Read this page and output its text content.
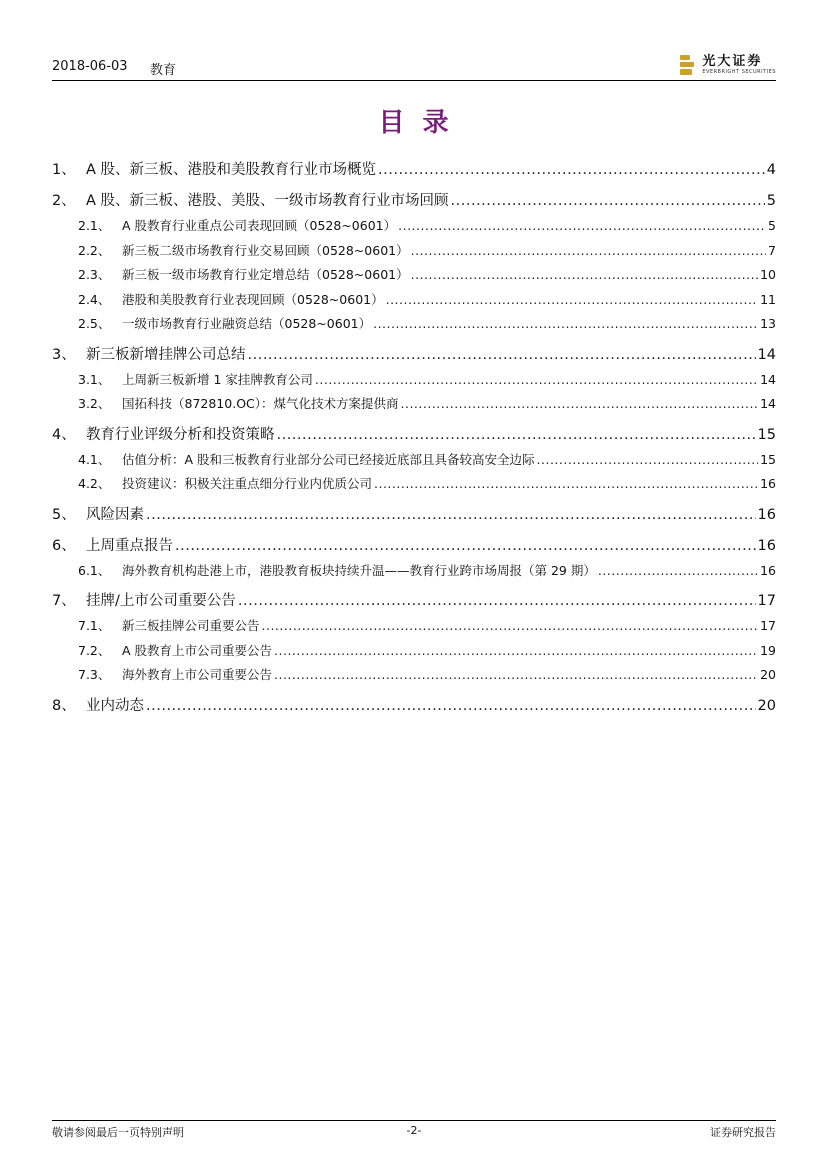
2018-06-03 教育
光大证券
EVERBRIGHT SECURITIES
目录
1、 A 股、新三板、港股和美股教育行业市场概览 .....	4
2、 A 股、新三板、港股、美股、一级市场教育行业市场回顾 .....	5
2.1、 A 股教育行业重点公司表现回顾（0528~0601） .....	5
2.2、 新三板二级市场教育行业交易回顾（0528~0601） .....	7
2.3、 新三板一级市场教育行业定增总结（0528~0601） .....	10
2.4、 港股和美股教育行业表现回顾（0528~0601） .....	11
2.5、 一级市场教育行业融资总结（0528~0601） .....	13
3、 新三板新增挂牌公司总结 .....	14
3.1、 上周新三板新增 1 家挂牌教育公司 .....	14
3.2、 国拓科技（872810.OC）：煤气化技术方案提供商 .....	14
4、 教育行业评级分析和投资策略 .....	15
4.1、 估值分析：A 股和三板教育行业部分公司已经接近底部且具备较高安全边际 .....	15
4.2、 投资建议：积极关注重点细分行业内优质公司 .....	16
5、 风险因素 .....	16
6、 上周重点报告 .....	16
6.1、 海外教育机构赴港上市，港股教育板块持续升温——教育行业跨市场周报（第 29 期） .....	16
7、 挂牌/上市公司重要公告 .....	17
7.1、 新三板挂牌公司重要公告 .....	17
7.2、 A 股教育上市公司重要公告 .....	19
7.3、 海外教育上市公司重要公告 .....	20
8、 业内动态 .....	20
敬请参阅最后一页特别声明	-2-	证券研究报告
